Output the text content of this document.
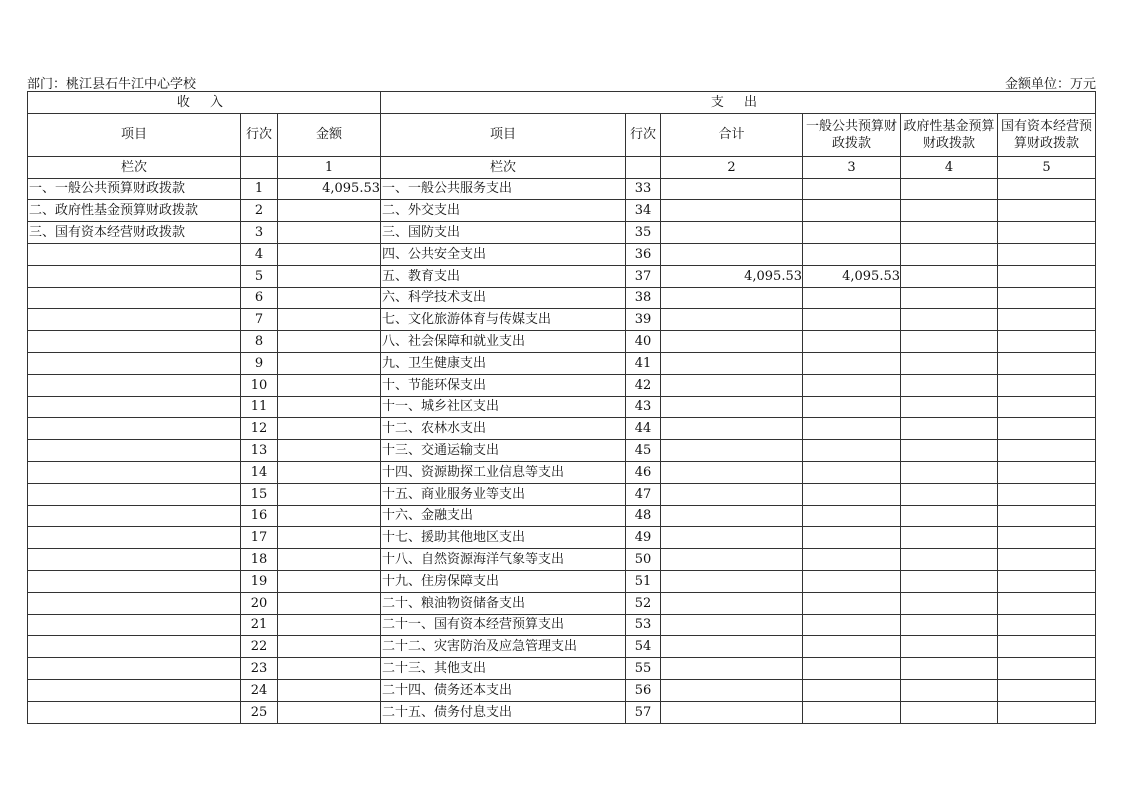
部门：桃江县石牛江中心学校	金额单位：万元
收 入			支 出					
项目	行次	金额	项目	行次	合计	一般公共预算财政拨款	政府性基金预算财政拨款	国有资本经营预算财政拨款
栏次		1	栏次		2	3	4	5
一、一般公共预算财政拨款	1	4,095.53	一、一般公共服务支出	33				
二、政府性基金预算财政拨款	2		二、外交支出	34				
三、国有资本经营财政拨款	3		三、国防支出	35				
	4		四、公共安全支出	36				
	5		五、教育支出	37	4,095.53	4,095.53		
	6		六、科学技术支出	38				
	7		七、文化旅游体育与传媒支出	39				
	8		八、社会保障和就业支出	40				
	9		九、卫生健康支出	41				
	10		十、节能环保支出	42				
	11		十一、城乡社区支出	43				
	12		十二、农林水支出	44				
	13		十三、交通运输支出	45				
	14		十四、资源勘探工业信息等支出	46				
	15		十五、商业服务业等支出	47				
	16		十六、金融支出	48				
	17		十七、援助其他地区支出	49				
	18		十八、自然资源海洋气象等支出	50				
	19		十九、住房保障支出	51				
	20		二十、粮油物资储备支出	52				
	21		二十一、国有资本经营预算支出	53				
	22		二十二、灾害防治及应急管理支出	54				
	23		二十三、其他支出	55				
	24		二十四、债务还本支出	56				
	25		二十五、债务付息支出	57				
